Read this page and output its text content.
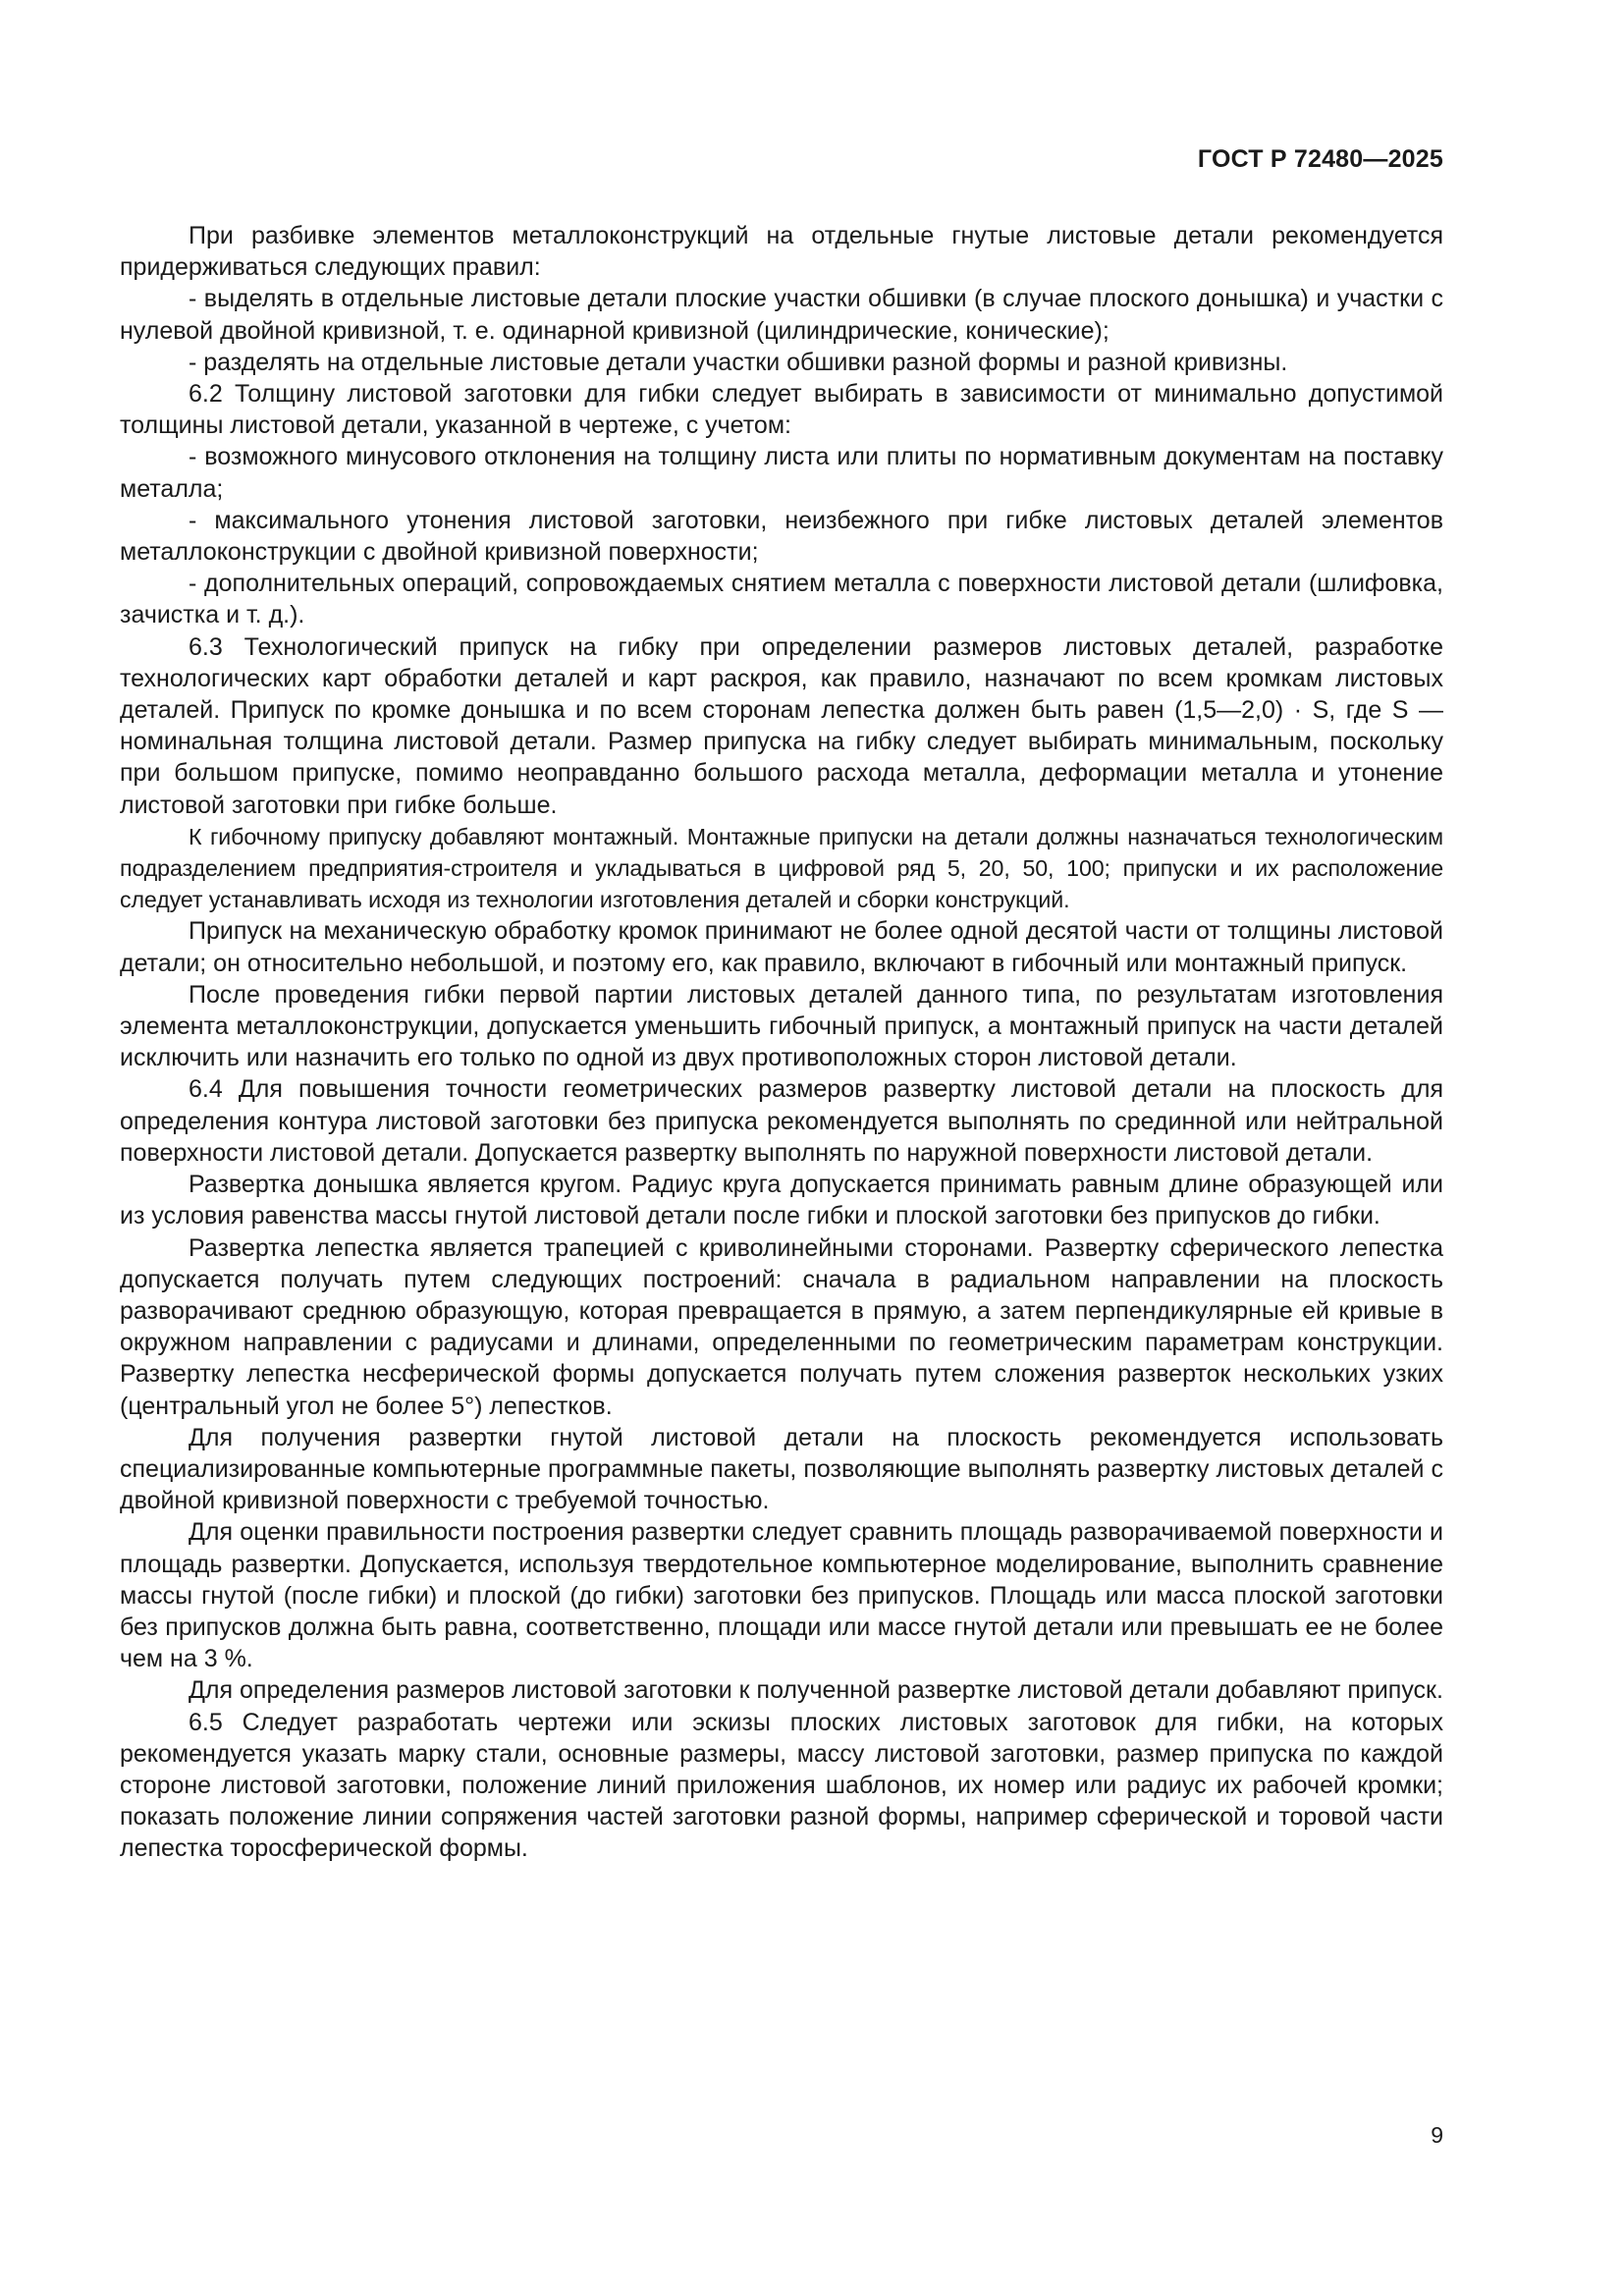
ГОСТ Р 72480—2025

При разбивке элементов металлоконструкций на отдельные гнутые листовые детали рекомендуется придерживаться следующих правил:

- выделять в отдельные листовые детали плоские участки обшивки (в случае плоского донышка) и участки с нулевой двойной кривизной, т. е. одинарной кривизной (цилиндрические, конические);

- разделять на отдельные листовые детали участки обшивки разной формы и разной кривизны.

6.2 Толщину листовой заготовки для гибки следует выбирать в зависимости от минимально допустимой толщины листовой детали, указанной в чертеже, с учетом:

- возможного минусового отклонения на толщину листа или плиты по нормативным документам на поставку металла;

- максимального утонения листовой заготовки, неизбежного при гибке листовых деталей элементов металлоконструкции с двойной кривизной поверхности;

- дополнительных операций, сопровождаемых снятием металла с поверхности листовой детали (шлифовка, зачистка и т. д.).

6.3 Технологический припуск на гибку при определении размеров листовых деталей, разработке технологических карт обработки деталей и карт раскроя, как правило, назначают по всем кромкам листовых деталей. Припуск по кромке донышка и по всем сторонам лепестка должен быть равен (1,5—2,0) · S, где S — номинальная толщина листовой детали. Размер припуска на гибку следует выбирать минимальным, поскольку при большом припуске, помимо неоправданно большого расхода металла, деформации металла и утонение листовой заготовки при гибке больше.

К гибочному припуску добавляют монтажный. Монтажные припуски на детали должны назначаться технологическим подразделением предприятия-строителя и укладываться в цифровой ряд 5, 20, 50, 100; припуски и их расположение следует устанавливать исходя из технологии изготовления деталей и сборки конструкций.

Припуск на механическую обработку кромок принимают не более одной десятой части от толщины листовой детали; он относительно небольшой, и поэтому его, как правило, включают в гибочный или монтажный припуск.

После проведения гибки первой партии листовых деталей данного типа, по результатам изготовления элемента металлоконструкции, допускается уменьшить гибочный припуск, а монтажный припуск на части деталей исключить или назначить его только по одной из двух противоположных сторон листовой детали.

6.4 Для повышения точности геометрических размеров развертку листовой детали на плоскость для определения контура листовой заготовки без припуска рекомендуется выполнять по срединной или нейтральной поверхности листовой детали. Допускается развертку выполнять по наружной поверхности листовой детали.

Развертка донышка является кругом. Радиус круга допускается принимать равным длине образующей или из условия равенства массы гнутой листовой детали после гибки и плоской заготовки без припусков до гибки.

Развертка лепестка является трапецией с криволинейными сторонами. Развертку сферического лепестка допускается получать путем следующих построений: сначала в радиальном направлении на плоскость разворачивают среднюю образующую, которая превращается в прямую, а затем перпендикулярные ей кривые в окружном направлении с радиусами и длинами, определенными по геометрическим параметрам конструкции. Развертку лепестка несферической формы допускается получать путем сложения разверток нескольких узких (центральный угол не более 5°) лепестков.

Для получения развертки гнутой листовой детали на плоскость рекомендуется использовать специализированные компьютерные программные пакеты, позволяющие выполнять развертку листовых деталей с двойной кривизной поверхности с требуемой точностью.

Для оценки правильности построения развертки следует сравнить площадь разворачиваемой поверхности и площадь развертки. Допускается, используя твердотельное компьютерное моделирование, выполнить сравнение массы гнутой (после гибки) и плоской (до гибки) заготовки без припусков. Площадь или масса плоской заготовки без припусков должна быть равна, соответственно, площади или массе гнутой детали или превышать ее не более чем на 3 %.

Для определения размеров листовой заготовки к полученной развертке листовой детали добавляют припуск.

6.5 Следует разработать чертежи или эскизы плоских листовых заготовок для гибки, на которых рекомендуется указать марку стали, основные размеры, массу листовой заготовки, размер припуска по каждой стороне листовой заготовки, положение линий приложения шаблонов, их номер или радиус их рабочей кромки; показать положение линии сопряжения частей заготовки разной формы, например сферической и торовой части лепестка торосферической формы.

9
